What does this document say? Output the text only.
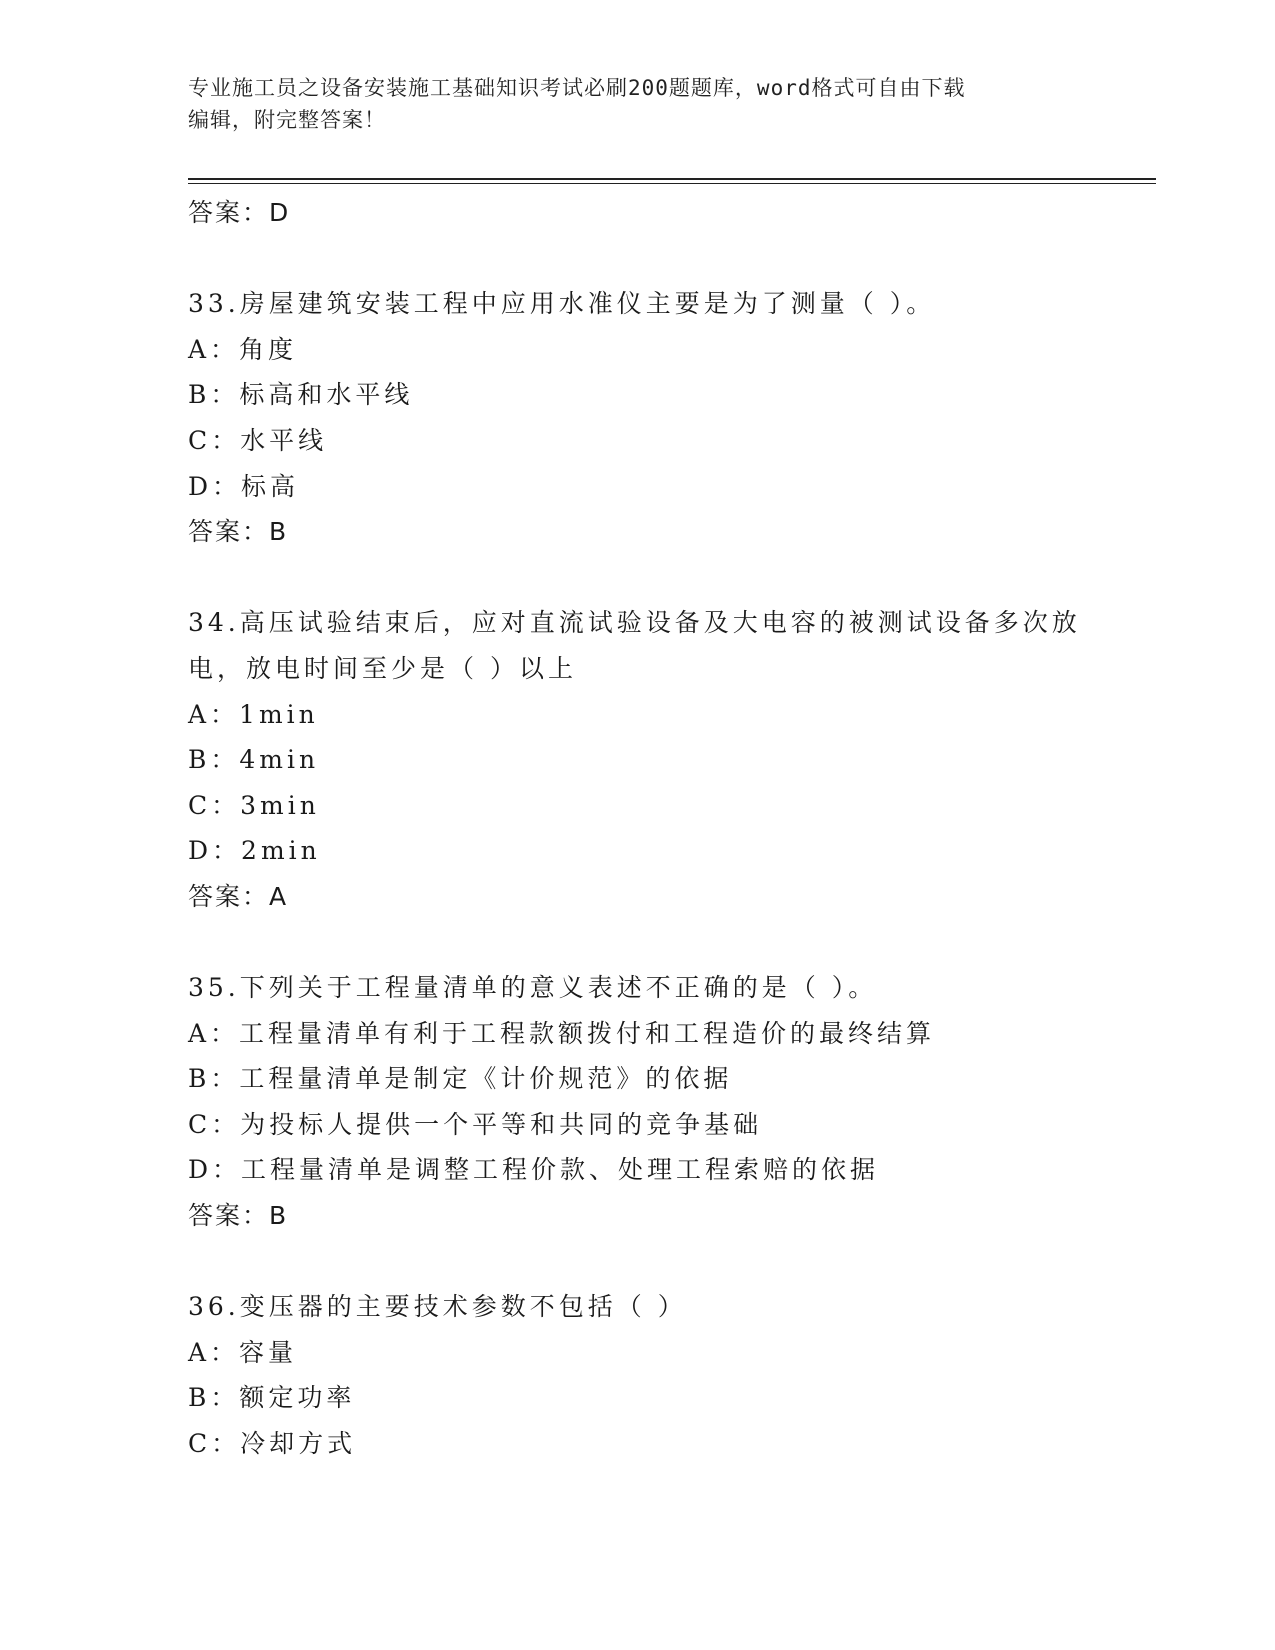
专业施工员之设备安装施工基础知识考试必刷200题题库，word格式可自由下载
编辑，附完整答案！
答案：D
33.房屋建筑安装工程中应用水准仪主要是为了测量（ ）。
A：角度
B：标高和水平线
C：水平线
D：标高
答案：B
34.高压试验结束后，应对直流试验设备及大电容的被测试设备多次放
电，放电时间至少是（ ）以上
A：1min
B：4min
C：3min
D：2min
答案：A
35.下列关于工程量清单的意义表述不正确的是（ ）。
A：工程量清单有利于工程款额拨付和工程造价的最终结算
B：工程量清单是制定《计价规范》的依据
C：为投标人提供一个平等和共同的竞争基础
D：工程量清单是调整工程价款、处理工程索赔的依据
答案：B
36.变压器的主要技术参数不包括（ ）
A：容量
B：额定功率
C：冷却方式
